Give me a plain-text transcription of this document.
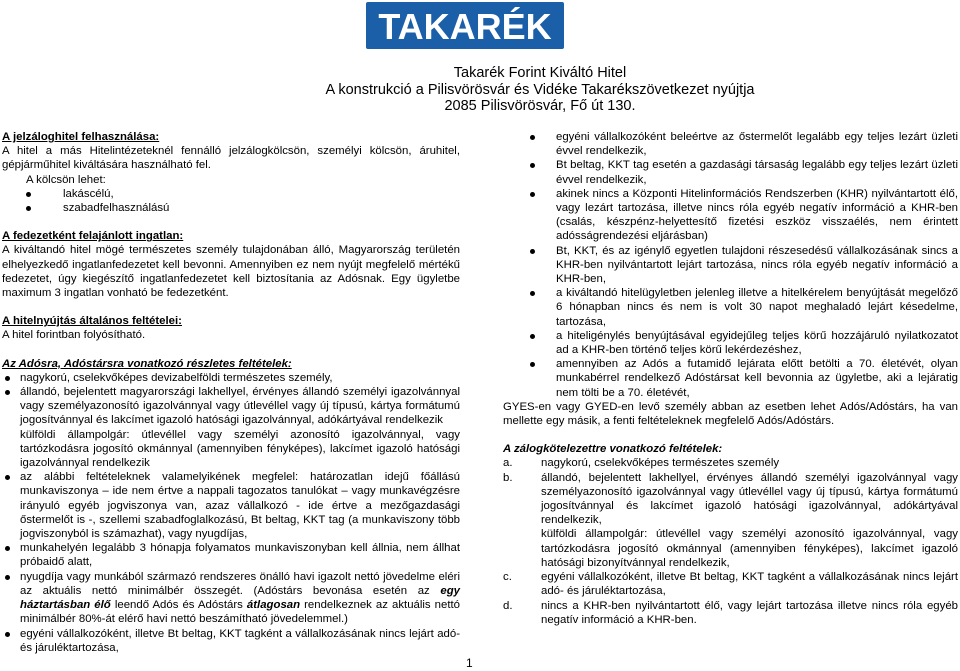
TAKARÉK
Takarék Forint Kiváltó Hitel
A konstrukció a Pilisvörösvár és Vidéke Takarékszövetkezet nyújtja
2085 Pilisvörösvár, Fő út 130.

A jelzáloghitel felhasználása:

A hitel a más Hitelintézeteknél fennálló jelzálogkölcsön, személyi kölcsön, áruhitel, gépjárműhitel kiváltására használható fel.

A kölcsön lehet:

lakáscélú,
szabadfelhasználású

A fedezetként felajánlott ingatlan:

A kiváltandó hitel mögé természetes személy tulajdonában álló, Magyarország területén elhelyezkedő ingatlanfedezetet kell bevonni. Amennyiben ez nem nyújt megfelelő mértékű fedezetet, úgy kiegészítő ingatlanfedezetet kell biztosítania az Adósnak. Egy ügyletbe maximum 3 ingatlan vonható be fedezetként.

A hitelnyújtás általános feltételei:

A hitel forintban folyósítható.

Az Adósra, Adóstársra vonatkozó részletes feltételek:

nagykorú, cselekvőképes devizabelföldi természetes személy,
állandó, bejelentett magyarországi lakhellyel, érvényes állandó személyi igazolvánnyal vagy személyazonosító igazolvánnyal vagy útlevéllel vagy új típusú, kártya formátumú jogosítvánnyal és lakcímet igazoló hatósági igazolvánnyal, adókártyával rendelkezik
külföldi állampolgár: útlevéllel vagy személyi azonosító igazolvánnyal, vagy tartózkodásra jogosító okmánnyal (amennyiben fényképes), lakcímet igazoló hatósági igazolvánnyal rendelkezik
az alábbi feltételeknek valamelyikének megfelel: határozatlan idejű főállású munkaviszonya – ide nem értve a nappali tagozatos tanulókat – vagy munkavégzésre irányuló egyéb jogviszonya van, azaz vállalkozó - ide értve a mezőgazdasági őstermelőt is -, szellemi szabadfoglalkozású, Bt beltag, KKT tag (a munkaviszony több jogviszonyból is számazhat), vagy nyugdíjas,
munkahelyén legalább 3 hónapja folyamatos munkaviszonyban kell állnia, nem állhat próbaidő alatt,
nyugdíja vagy munkából származó rendszeres önálló havi igazolt nettó jövedelme eléri az aktuális nettó minimálbér összegét. (Adóstárs bevonása esetén az egy háztartásban élő leendő Adós és Adóstárs átlagosan rendelkeznek az aktuális nettó minimálbér 80%-át elérő havi nettó beszámítható jövedelemmel.)
egyéni vállalkozóként, illetve Bt beltag, KKT tagként a vállalkozásának nincs lejárt adó- és járuléktartozása,
egyéni vállalkozóként beleértve az őstermelőt legalább egy teljes lezárt üzleti évvel rendelkezik,
Bt beltag, KKT tag esetén a gazdasági társaság legalább egy teljes lezárt üzleti évvel rendelkezik,
akinek nincs a Központi Hitelinformációs Rendszerben (KHR) nyilvántartott élő, vagy lezárt tartozása, illetve nincs róla egyéb negatív információ a KHR-ben (csalás, készpénz-helyettesítő fizetési eszköz visszaélés, nem érintett adósságrendezési eljárásban)
Bt, KKT, és az igénylő egyetlen tulajdoni részesedésű vállalkozásának sincs a KHR-ben nyilvántartott lejárt tartozása, nincs róla egyéb negatív információ a KHR-ben,
a kiváltandó hitelügyletben jelenleg illetve a hitelkérelem benyújtását megelőző 6 hónapban nincs és nem is volt 30 napot meghaladó lejárt késedelme, tartozása,
a hiteligénylés benyújtásával egyidejűleg teljes körű hozzájáruló nyilatkozatot ad a KHR-ben történő teljes körű lekérdezéshez,
amennyiben az Adós a futamidő lejárata előtt betölti a 70. életévét, olyan munkabérrel rendelkező Adóstársat kell bevonnia az ügyletbe, aki a lejáratig nem tölti be a 70. életévét,

GYES-en vagy GYED-en levő személy abban az esetben lehet Adós/Adóstárs, ha van mellette egy másik, a fenti feltételeknek megfelelő Adós/Adóstárs.

A zálogkötelezettre vonatkozó feltételek:

a.	nagykorú, cselekvőképes természetes személy
b.	állandó, bejelentett lakhellyel, érvényes állandó személyi igazolvánnyal vagy személyazonosító igazolvánnyal vagy útlevéllel vagy új típusú, kártya formátumú jogosítvánnyal és lakcímet igazoló hatósági igazolvánnyal, adókártyával rendelkezik,
külföldi állampolgár: útlevéllel vagy személyi azonosító igazolvánnyal, vagy tartózkodásra jogosító okmánnyal (amennyiben fényképes), lakcímet igazoló hatósági bizonyítvánnyal rendelkezik,
c.	egyéni vállalkozóként, illetve Bt beltag, KKT tagként a vállalkozásának nincs lejárt adó- és járuléktartozása,
d.	nincs a KHR-ben nyilvántartott élő, vagy lejárt tartozása illetve nincs róla egyéb negatív információ a KHR-ben.
1
